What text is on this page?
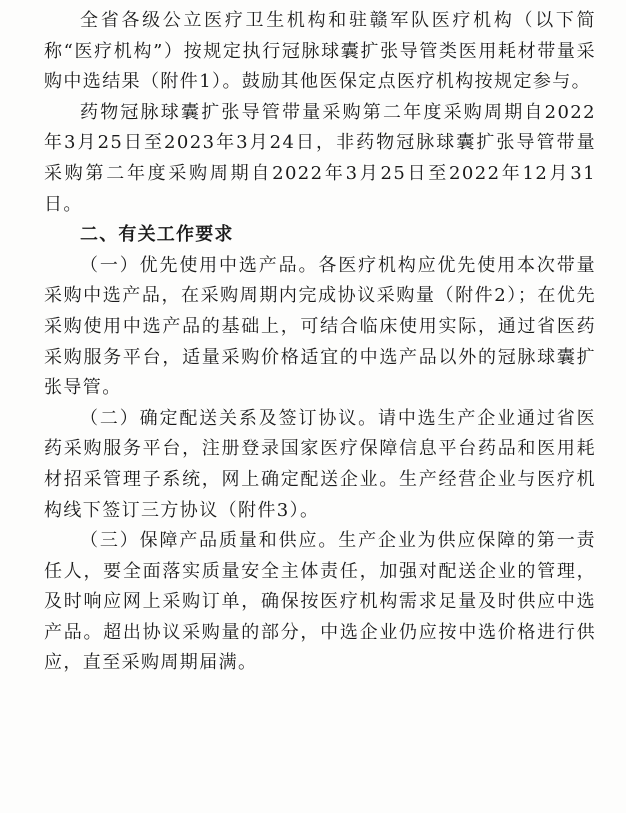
全省各级公立医疗卫生机构和驻赣军队医疗机构（以下简称“医疗机构”）按规定执行冠脉球囊扩张导管类医用耗材带量采购中选结果（附件1）。鼓励其他医保定点医疗机构按规定参与。

药物冠脉球囊扩张导管带量采购第二年度采购周期自2022年3月25日至2023年3月24日，非药物冠脉球囊扩张导管带量采购第二年度采购周期自2022年3月25日至2022年12月31日。

二、有关工作要求

（一）优先使用中选产品。各医疗机构应优先使用本次带量采购中选产品，在采购周期内完成协议采购量（附件2）；在优先采购使用中选产品的基础上，可结合临床使用实际，通过省医药采购服务平台，适量采购价格适宜的中选产品以外的冠脉球囊扩张导管。

（二）确定配送关系及签订协议。请中选生产企业通过省医药采购服务平台，注册登录国家医疗保障信息平台药品和医用耗材招采管理子系统，网上确定配送企业。生产经营企业与医疗机构线下签订三方协议（附件3）。

（三）保障产品质量和供应。生产企业为供应保障的第一责任人，要全面落实质量安全主体责任，加强对配送企业的管理，及时响应网上采购订单，确保按医疗机构需求足量及时供应中选产品。超出协议采购量的部分，中选企业仍应按中选价格进行供应，直至采购周期届满。
